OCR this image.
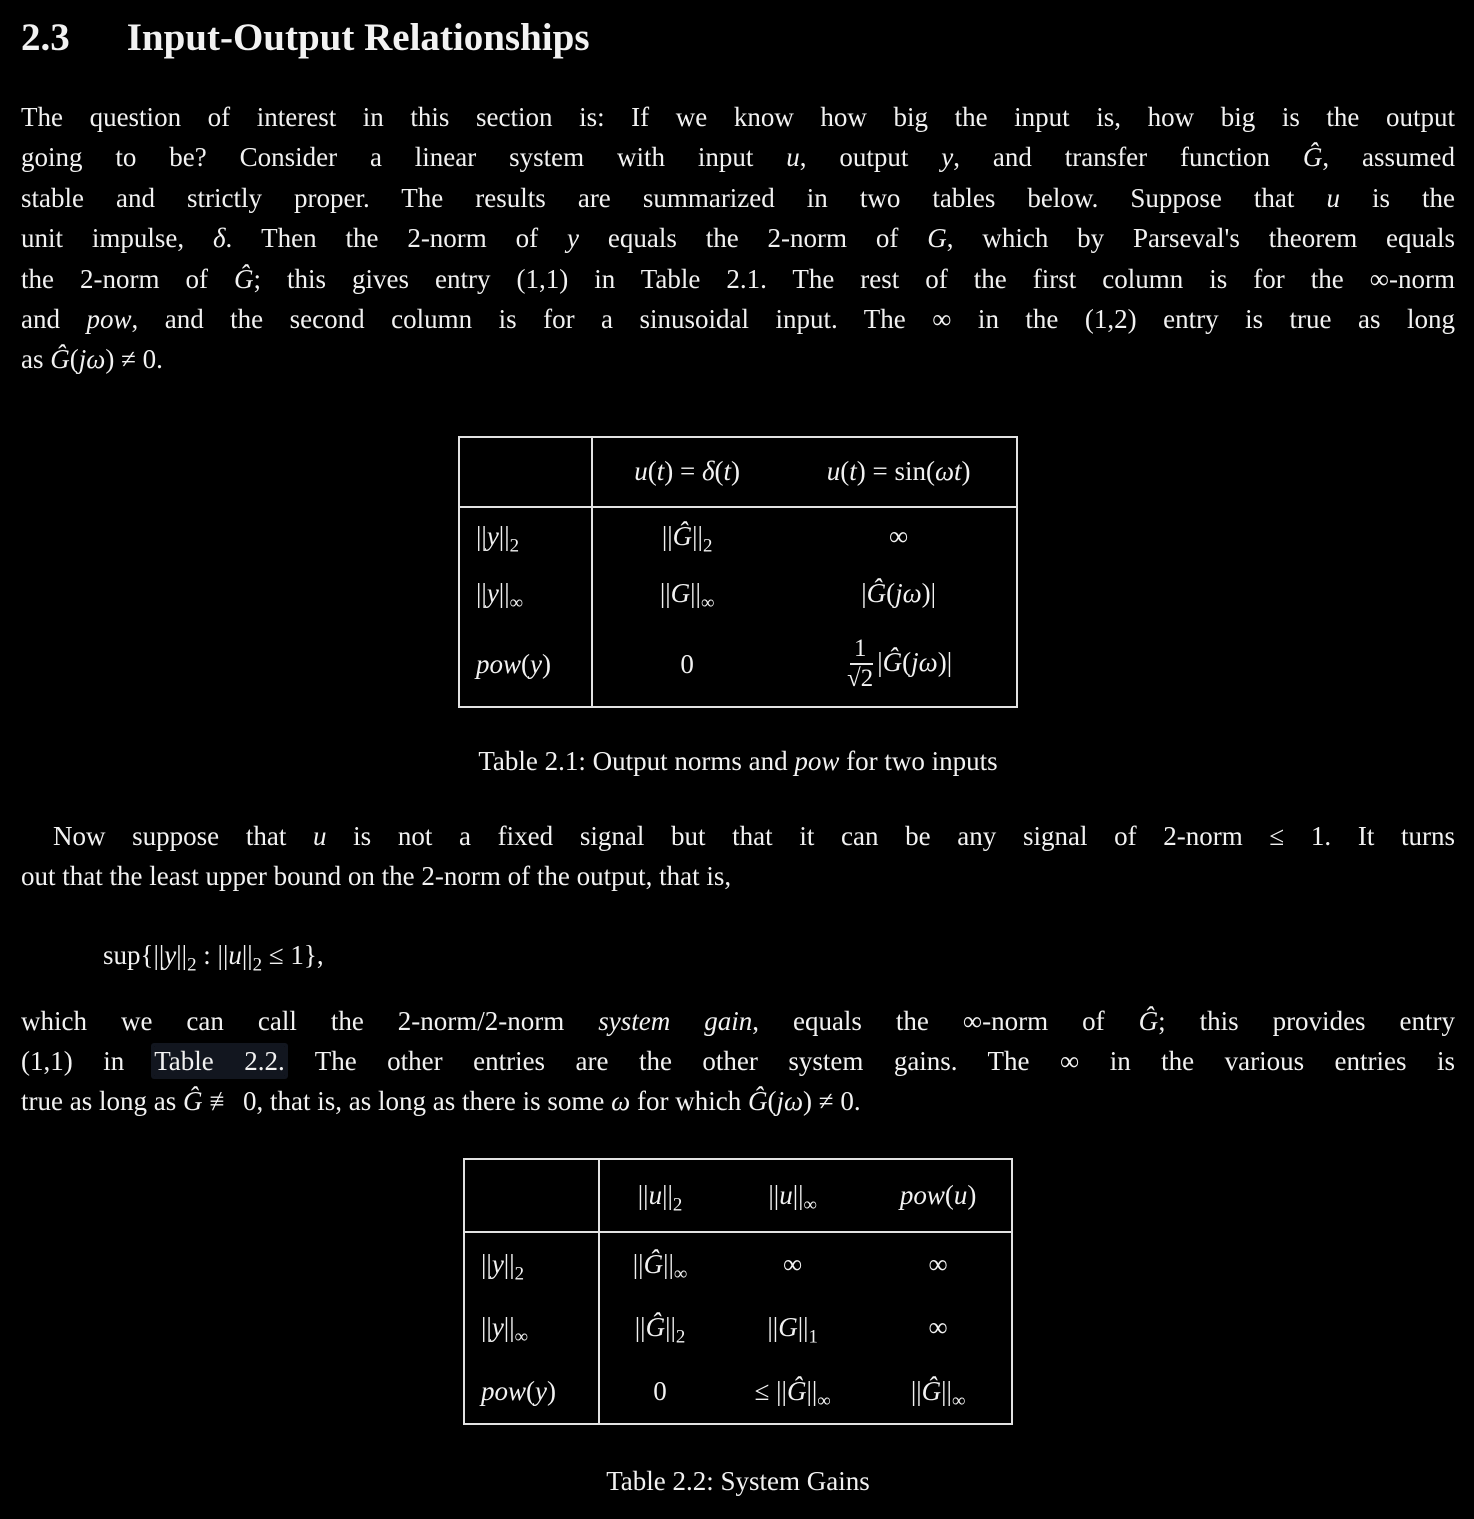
2.3 Input-Output Relationships
The question of interest in this section is: If we know how big the input is, how big is the output
going to be? Consider a linear system with input u, output y, and transfer function Ĝ, assumed
stable and strictly proper. The results are summarized in two tables below. Suppose that u is the
unit impulse, δ. Then the 2-norm of y equals the 2-norm of G, which by Parseval's theorem equals
the 2-norm of Ĝ; this gives entry (1,1) in Table 2.1. The rest of the first column is for the ∞-norm
and pow, and the second column is for a sinusoidal input. The ∞ in the (1,2) entry is true as long
as Ĝ(jω) ≠ 0.
	u(t) = δ(t)	u(t) = sin(ωt)
$||y||_2$	$||Ĝ||_2$	∞
$||y||_\infty$	$||G||_\infty$	|Ĝ(jω)|
pow(y)	0	$\frac{1}{√2}$ |Ĝ(jω)|
Table 2.1: Output norms and pow for two inputs
Now suppose that u is not a fixed signal but that it can be any signal of 2-norm ≤ 1. It turns
out that the least upper bound on the 2-norm of the output, that is,
$sup\{||y||_2$ : $||u||_2 \le 1$},
which we can call the 2-norm/2-norm system gain, equals the ∞-norm of Ĝ; this provides entry
(1,1) in Table 2.2. The other entries are the other system gains. The ∞ in the various entries is
true as long as Ĝ ≢ 0, that is, as long as there is some ω for which Ĝ(jω) ≠ 0.
	$||u||_2$	$||u||_\infty$	pow(u)
$||y||_2$	$||Ĝ||_\infty$	∞	∞
$||y||_\infty$	$||Ĝ||_2$	$||G||_1$	∞
pow(y)	0	≤ $||Ĝ||_\infty$	$||Ĝ||_\infty$
Table 2.2: System Gains
